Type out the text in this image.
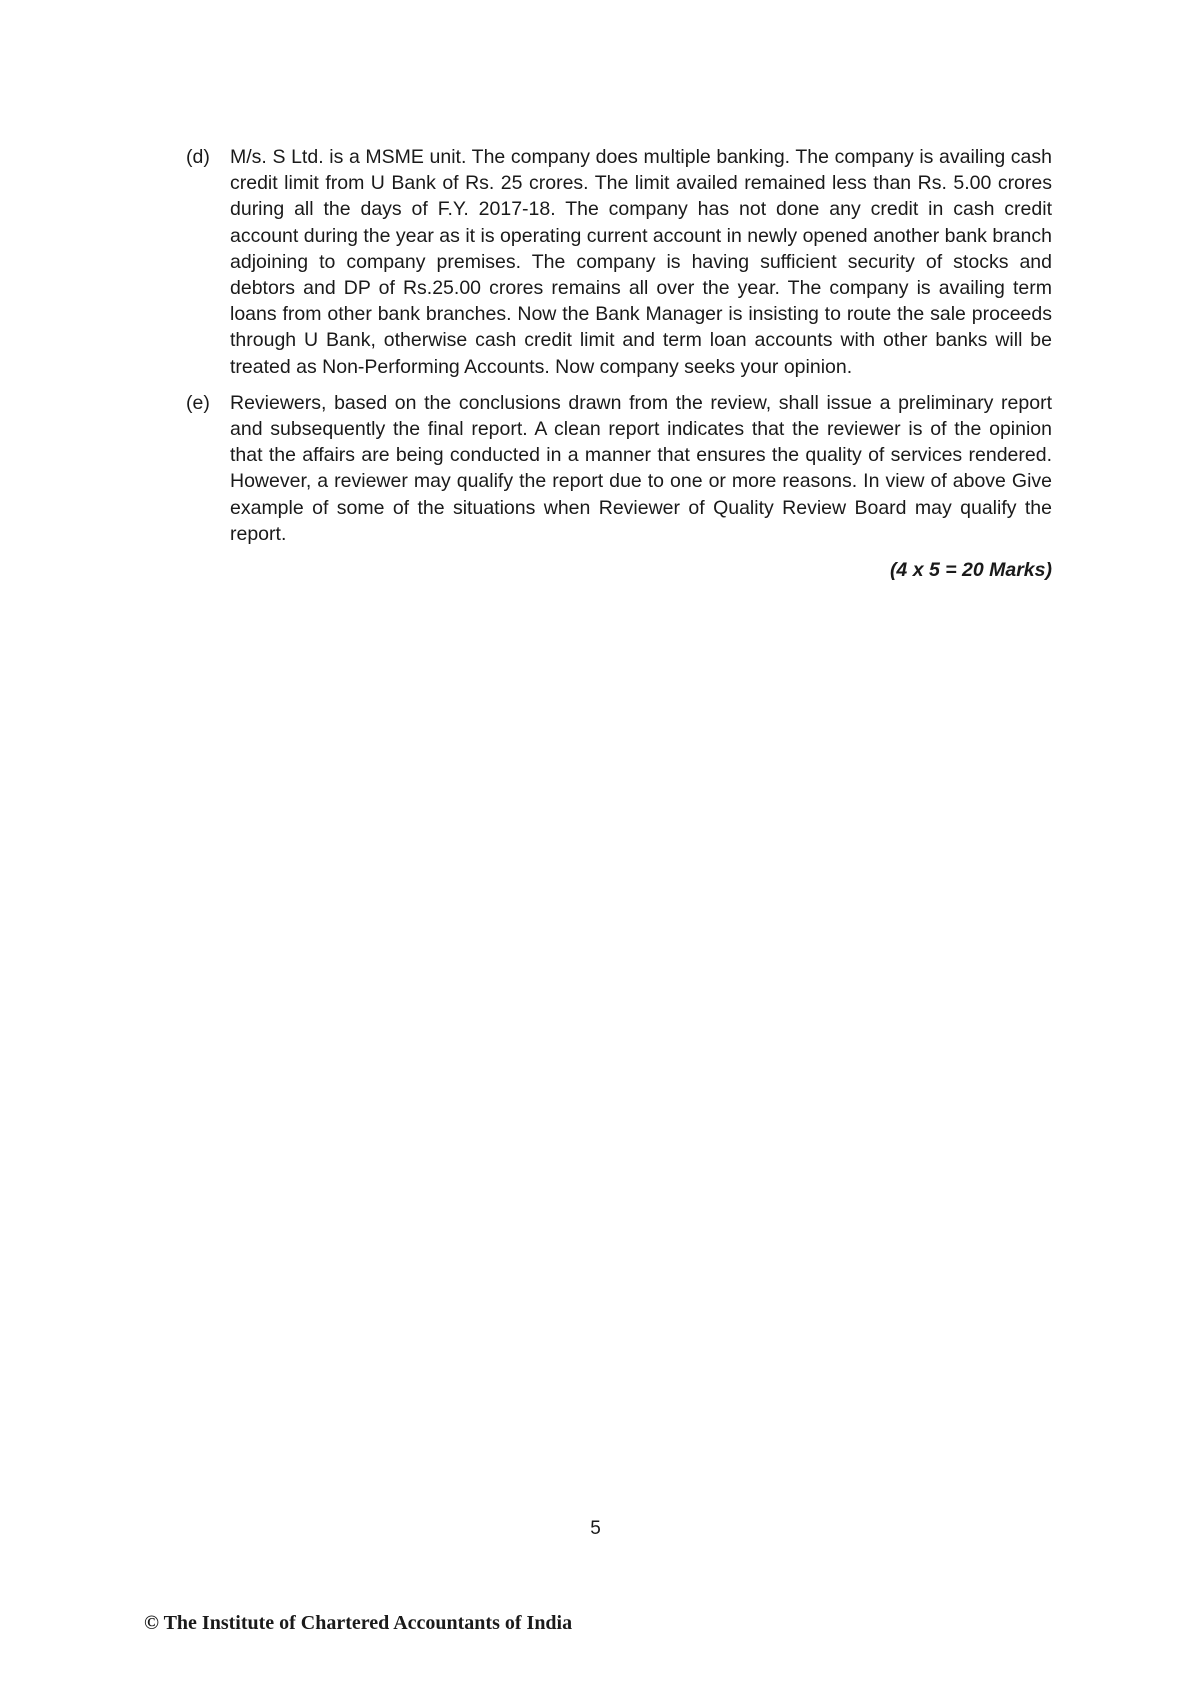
(d)	M/s. S Ltd. is a MSME unit. The company does multiple banking. The company is availing cash credit limit from U Bank of Rs. 25 crores. The limit availed remained less than Rs. 5.00 crores during all the days of F.Y. 2017-18. The company has not done any credit in cash credit account during the year as it is operating current account in newly opened another bank branch adjoining to company premises. The company is having sufficient security of stocks and debtors and DP of Rs.25.00 crores remains all over the year. The company is availing term loans from other bank branches. Now the Bank Manager is insisting to route the sale proceeds through U Bank, otherwise cash credit limit and term loan accounts with other banks will be treated as Non-Performing Accounts. Now company seeks your opinion.

(e)	Reviewers, based on the conclusions drawn from the review, shall issue a preliminary report and subsequently the final report. A clean report indicates that the reviewer is of the opinion that the affairs are being conducted in a manner that ensures the quality of services rendered. However, a reviewer may qualify the report due to one or more reasons. In view of above Give example of some of the situations when Reviewer of Quality Review Board may qualify the report.

(4 x 5 = 20 Marks)
5
© The Institute of Chartered Accountants of India
